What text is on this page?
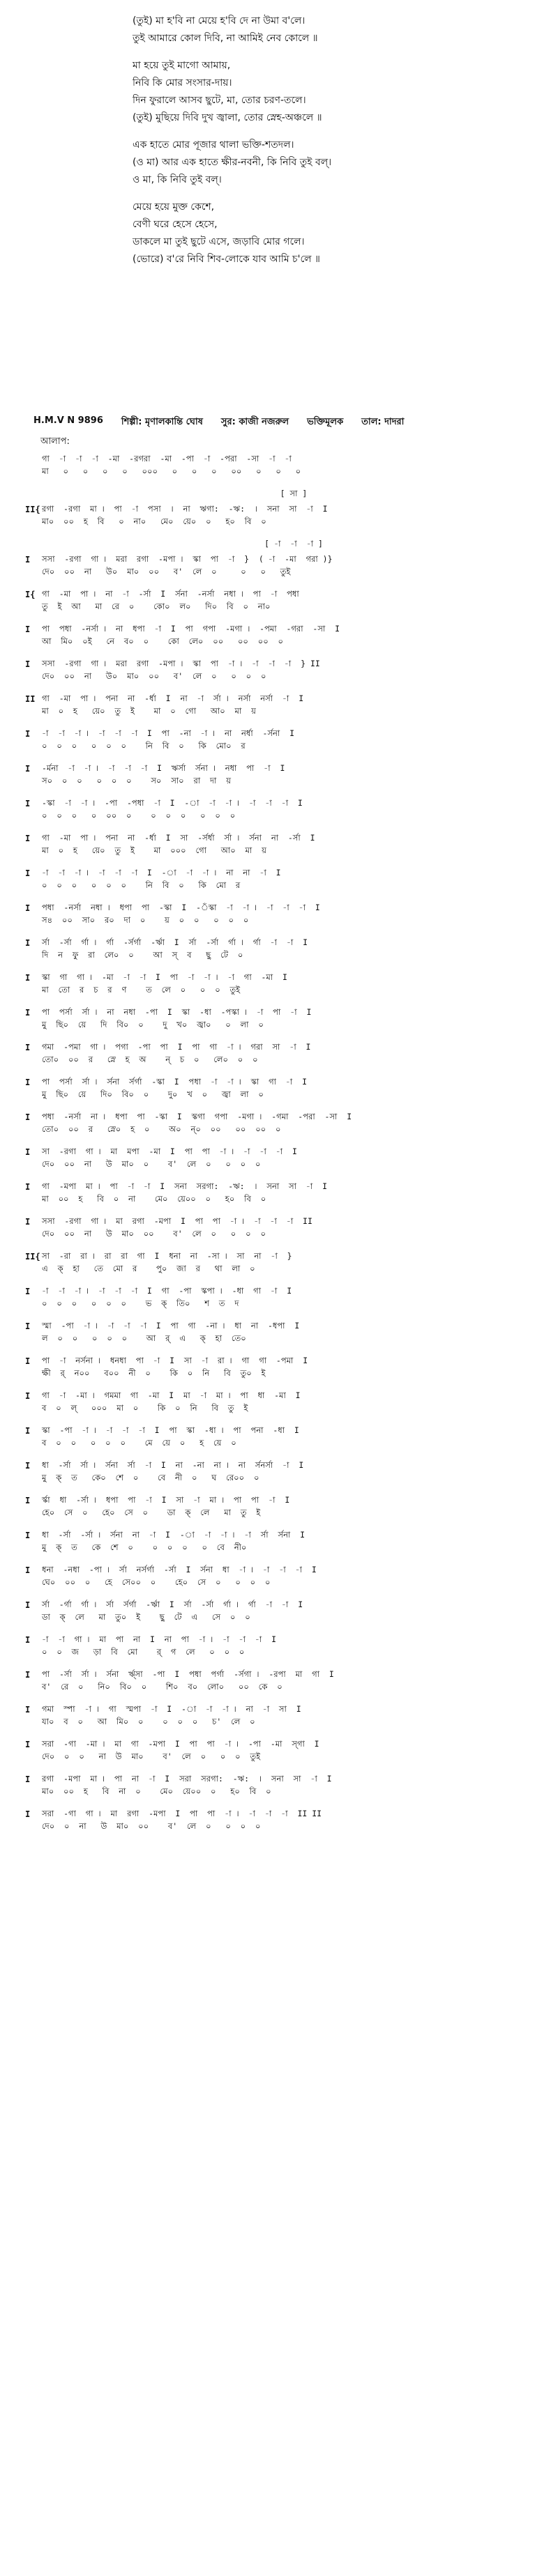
(তুই) মা হ'বি না মেয়ে হ'বি দে না উমা ব'লে।
তুই আমারে কোল দিবি, না আমিই নেব কোলে ॥
মা হয়ে তুই মাগো আমায়,
নিবি কি মোর সংসার-দায়।
দিন ফুরালে আসব ছুটে, মা, তোর চরণ-তলে।
(তুই) মুছিয়ে দিবি দুখ জ্বালা, তোর স্নেহ-অঞ্চলে ॥
এক হাতে মোর পূজার থালা ভক্তি-শতদল।
(ও মা) আর এক হাতে ক্ষীর-নবনী, কি নিবি তুই বল্‌।
ও মা, কি নিবি তুই বল্‌।
মেয়ে হয়ে মুক্ত কেশে,
বেণী ঘরে হেসে হেসে,
ডাকলে মা তুই ছুটে এসে, জড়াবি মোর গলে।
(ভোরে) ব'রে নিবি শিব-লোকে যাব আমি চ'লে ॥
H.M.V N 9896 শিল্পী: মৃণালকান্তি ঘোষ সুর: কাজী নজরুল ভক্তিমূলক তাল: দাদরা
আলাপ:
গা  -া  -া  -া  -মা  -রগরা  -মা  -পা  -া  -পরা  -সা  -া  -া
মা   ০   ০   ০   ০   ০০০   ০   ০   ০   ০০   ০   ০   ০
[ সা ]
II{ রগা  -রগা  মা ।  পা  -া  পসা  ।  না  ঋগা:  -ঋ:  ।  সনা  সা  -া  I
মা০  ০০  হ  বি   ০  না০   মে০  য়ে০  ০   হ০  বি  ০
[ -া  -া  -া ]
I	সসা  -রগা  গা ।  মরা  রগা  -মপা ।  স্কা  পা  -া  }  ( -া  -মা  গরা )}
দে০  ০০  না   উ০  মা০  ০০   ব'  লে  ০     ০   ০   তুই
I{ গা  -মা  পা ।  না  -া  -র্সা  I  র্সনা  -নর্সা  নধা ।  পা  -া  পধা
তু  ই  আ   মা  রে  ০    কো০  ল০   দি০  বি  ০  না০
I	পা  পধা  -নর্সা ।  না  ধপা  -া  I  পা  গপা  -মগা ।  -পমা  -গরা  -সা  I
আ  মি০  ০ই   নে  ব০  ০    কো  লে০  ০০   ০০  ০০  ০
I	সসা  -রগা  গা ।  মরা  রগা  -মপা ।  স্কা  পা  -া ।  -া  -া  -া  } II
দে০  ০০  না   উ০  মা০  ০০   ব'  লে  ০   ০  ০  ০
II গা  -মা  পা ।  পনা  না  -র্ধা  I  না  -া  র্সা ।  নর্সা  নর্সা  -া  I
মা  ০  হ   য়ে০  তু  ই    মা  ০  গো   আ০  মা  য়
I	-া  -া  -া ।  -া  -া  -া  I  পা  -না  -া ।  না  নর্ধা  -র্সনা  I
০  ০  ০   ০  ০  ০    নি  বি  ০   কি  মো০  র
I	-র্মনা  -া  -া ।  -া  -া  -া  I  ঋর্সা  র্সনা ।  নধা  পা  -া  I
স০  ০  ০   ০  ০  ০    স০  সা০  রা  দা  য়
I	-স্কা  -া  -া ।  -পা  -পধা  -া  I  -া  -া  -া ।  -া  -া  -া  I
০  ০  ০   ০  ০০  ০    ০  ০  ০   ০  ০  ০
I	গা  -মা  পা ।  পনা  না  -র্ধা  I  সা  -র্সর্ধা  র্সা ।  র্সনা  না  -র্সা  I
মা  ০  হ   য়ে০  তু  ই    মা  ০০০  গো   আ০  মা  য়
I	-া  -া  -া ।  -া  -া  -া  I  -া  -া  -া ।  না  না  -া  I
০  ০  ০   ০  ০  ০    নি  বি  ০   কি  মো  র
I	পধা  -নর্সা  নধা ।  ধপা  পা  -স্কা  I  -ঁস্কা  -া  -া ।  -া  -া  -া  I
স৪  ০০  সা০  র০  দা  ০    য়  ০  ০   ০  ০  ০
I	র্সা  -র্সা  র্গা ।  র্গা  -র্সর্গা  -র্ঋা  I  র্সা  -র্সা  র্গা ।  র্গা  -া  -া  I
দি  ন  ফু  রা  লে০  ০    আ  স্‌  ব   ছু  টে  ০
I	স্কা  গা  গা ।  -মা  -া  -া  I  পা  -া  -া ।  -া  গা  -মা  I
মা  তো  র  চ  র  ণ    ত  লে  ০   ০  ০  তুই
I	পা  পর্সা  র্সা ।  না  নধা  -পা  I  স্কা  -ধা  -পস্কা ।  -া  পা  -া  I
মু  ছি০  য়ে   দি  বি০  ০    দু  খ০  জ্বা০   ০  লা  ০
I	গমা  -পমা  গা ।  পগা  -পা  পা  I  পা  গা  -া ।  গরা  সা  -া  I
তো০  ০০  র   স্নে  হ  অ    ন্‌  চ  ০   লে০  ০  ০
I	পা  পর্সা  র্সা ।  র্সনা  র্সর্গা  -স্কা  I  পধা  -া  -া ।  স্কা  গা  -া  I
মু  ছি০  য়ে   দি০  বি০  ০    দু০  খ  ০   জ্বা  লা  ০
I	পধা  -নর্সা  না ।  ধপা  পা  -স্কা  I  স্কগা  গপা  -মগা ।  -গমা  -পরা  -সা  I
তো০  ০০  র   স্নে০  হ  ০    অ০  ন্‌০  ০০   ০০  ০০  ০
I	সা  -রগা  গা ।  মা  মপা  -মা  I  পা  পা  -া ।  -া  -া  -া  I
দে০  ০০  না   উ  মা০  ০    ব'  লে  ০   ০  ০  ০
I	গা  -মপা  মা ।  পা  -া  -া  I  সনা  সরগা:  -ঋ:  ।  সনা  সা  -া  I
মা  ০০  হ   বি  ০  না    মে০  য়ে০০  ০   হ০  বি  ০
I	সসা  -রগা  গা ।  মা  রগা  -মপা  I  পা  পা  -া ।  -া  -া  -া  II
দে০  ০০  না   উ  মা০  ০০    ব'  লে  ০   ০  ০  ০
II{ সা  -রা  রা ।  রা  রা  গা  I  ধনা  না  -সা ।  সা  না  -া  }
এ  ক্‌  হা   তে  মো  র    পু০  জা  র   থা  লা  ০
I	-া  -া  -া ।  -া  -া  -া  I  গা  -পা  স্কপা ।  -ধা  গা  -া  I
০  ০  ০   ০  ০  ০    ভ  ক্‌  তি০   শ  ত  দ
I	স্মা  -পা  -া ।  -া  -া  -া  I  পা  গা  -না ।  ধা  না  -ধপা  I
ল  ০  ০   ০  ০  ০    আ  র্‌  এ   ক্‌  হা  তে০
I	পা  -া  নর্সনা ।  ধনধা  পা  -া  I  সা  -া  রা ।  গা  গা  -পমা  I
ক্ষী  র্‌  ন০০   ব০০  নী  ০    কি  ০  নি   বি  তু০  ই
I	গা  -া  -মা ।  গমমা  গা  -মা  I  মা  -া  মা ।  পা  ধা  -মা  I
ব  ০  ল্‌   ০০০  মা  ০    কি  ০  নি   বি  তু  ই
I	স্কা  -পা  -া ।  -া  -া  -া  I  পা  স্কা  -ধা ।  পা  পনা  -ধা  I
ব  ০  ০   ০  ০  ০    মে  য়ে  ০   হ  য়ে  ০
I	ধা  -র্সা  র্সা ।  র্সনা  র্সা  -া  I  না  -না  না ।  না  র্সনর্সা  -া  I
মু  ক্‌  ত   কে০  শে  ০    বে  নী  ০   ঘ  রে০০  ০
I	র্স্কা  ধা  -র্সা ।  ধপা  পা  -া  I  সা  -া  মা ।  পা  পা  -া  I
হে০  সে  ০   হে০  সে  ০    ডা  ক্‌  লে   মা  তু  ই
I	ধা  -র্সা  -র্সা ।  র্সনা  না  -া  I  -া  -া  -া ।  -া  র্সা  র্সনা  I
মু  ক্‌  ত   কে  শে  ০    ০  ০  ০   ০  বে  নী০
I	ধনা  -নধা  -পা ।  র্সা  নর্সর্গা  -র্সা  I  র্সনা  ধা  -া ।  -া  -া  -া  I
ঘে০  ০০  ০   হে  সে০০  ০    হে০  সে  ০   ০  ০  ০
I	র্সা  -র্গা  র্গা ।  র্সা  র্সর্গা  -র্ঋা  I  র্সা  -র্সা  র্গা ।  র্গা  -া  -া  I
ডা  ক্‌  লে   মা  তু০  ই    ছু  টে  এ   সে  ০  ০
I	-া  -া  গা ।  মা  পা  না  I  না  পা  -া ।  -া  -া  -া  I
০  ০  জ   ড়া  বি  মো    র্‌  গ  লে   ০  ০  ০
I	পা  -র্সা  র্সা ।  র্সনা  র্ঋ্সা  -পা  I  পধা  পর্গা  -র্সগা ।  -রপা  মা  গা  I
ব'  রে  ০   নি০  বি০  ০    শি০  ব০  লো০   ০০  কে  ০
I	গমা  স্পা  -া ।  গা  স্মপা  -া  I  -া  -া  -া ।  না  -া  সা  I
যা০  ব  ০   আ  মি০  ০    ০  ০  ০   চ'  লে  ০
I	সরা  -গা  -মা ।  মা  গা  -মপা  I  পা  পা  -া ।  -পা  -মা  স্গা  I
দে০  ০  ০   না  উ  মা০    ব'  লে  ০   ০  ০  তুই
I	রগা  -মপা  মা ।  পা  না  -া  I  সরা  সরগা:  -ঋ:  ।  সনা  সা  -া  I
মা০  ০০  হ   বি  না  ০    মে০  য়ে০০  ০   হ০  বি  ০
I	সরা  -গা  গা ।  মা  রগা  -মপা  I  পা  পা  -া ।  -া  -া  -া  II II
দে০  ০  না   উ  মা০  ০০    ব'  লে  ০   ০  ০  ০
